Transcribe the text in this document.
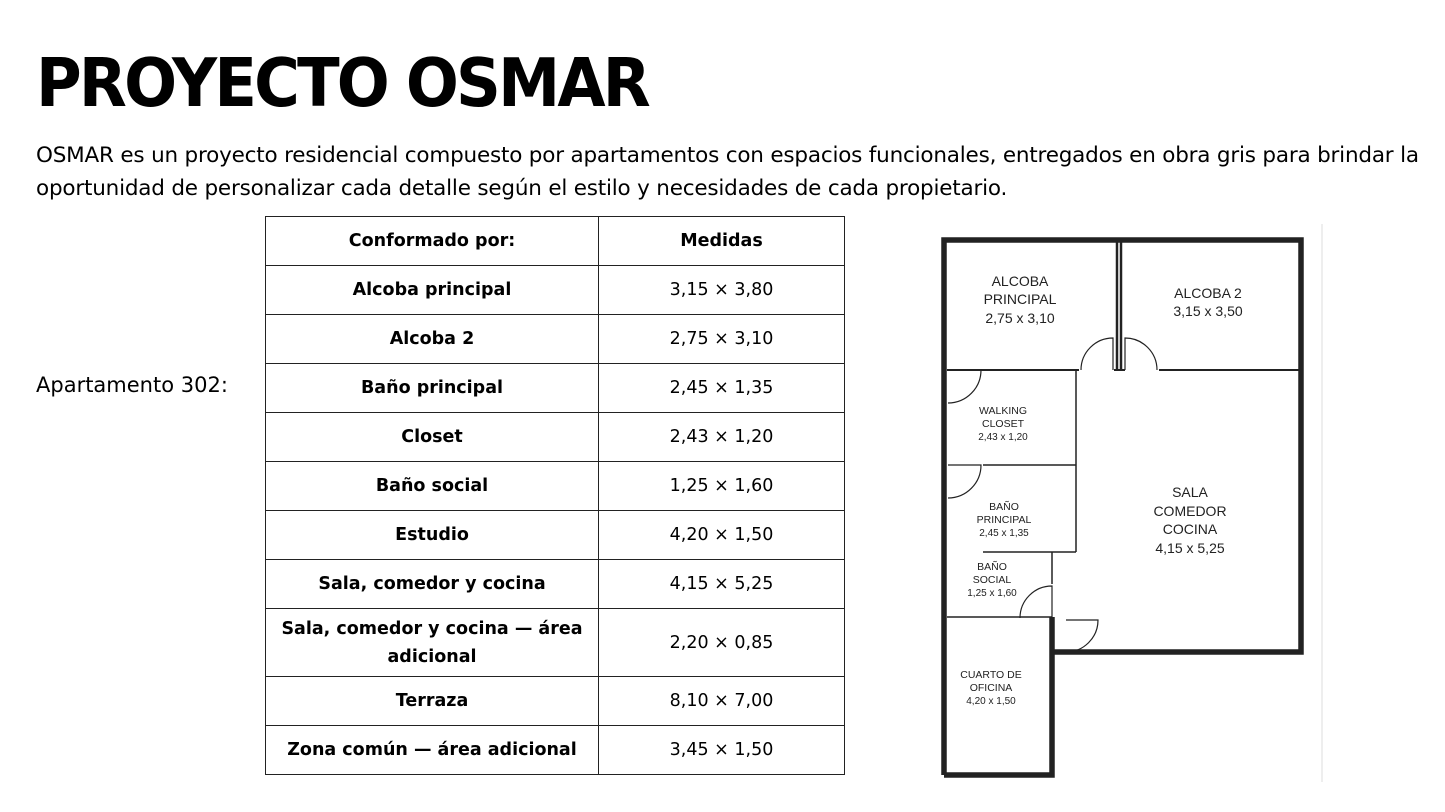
PROYECTO OSMAR

OSMAR es un proyecto residencial compuesto por apartamentos con espacios funcionales, entregados en obra gris para brindar la oportunidad de personalizar cada detalle según el estilo y necesidades de cada propietario.

Apartamento 302:
Conformado por:	Medidas
Alcoba principal	3,15 × 3,80
Alcoba 2	2,75 × 3,10
Baño principal	2,45 × 1,35
Closet	2,43 × 1,20
Baño social	1,25 × 1,60
Estudio	4,20 × 1,50
Sala, comedor y cocina	4,15 × 5,25
Sala, comedor y cocina — área adicional	2,20 × 0,85
Terraza	8,10 × 7,00
Zona común — área adicional	3,45 × 1,50
ALCOBA
PRINCIPAL
2,75 x 3,10
ALCOBA 2
3,15 x 3,50
WALKING
CLOSET
2,43 x 1,20
BAÑO
PRINCIPAL
2,45 x 1,35
BAÑO
SOCIAL
1,25 x 1,60
SALA
COMEDOR
COCINA
4,15 x 5,25
CUARTO DE
OFICINA
4,20 x 1,50
